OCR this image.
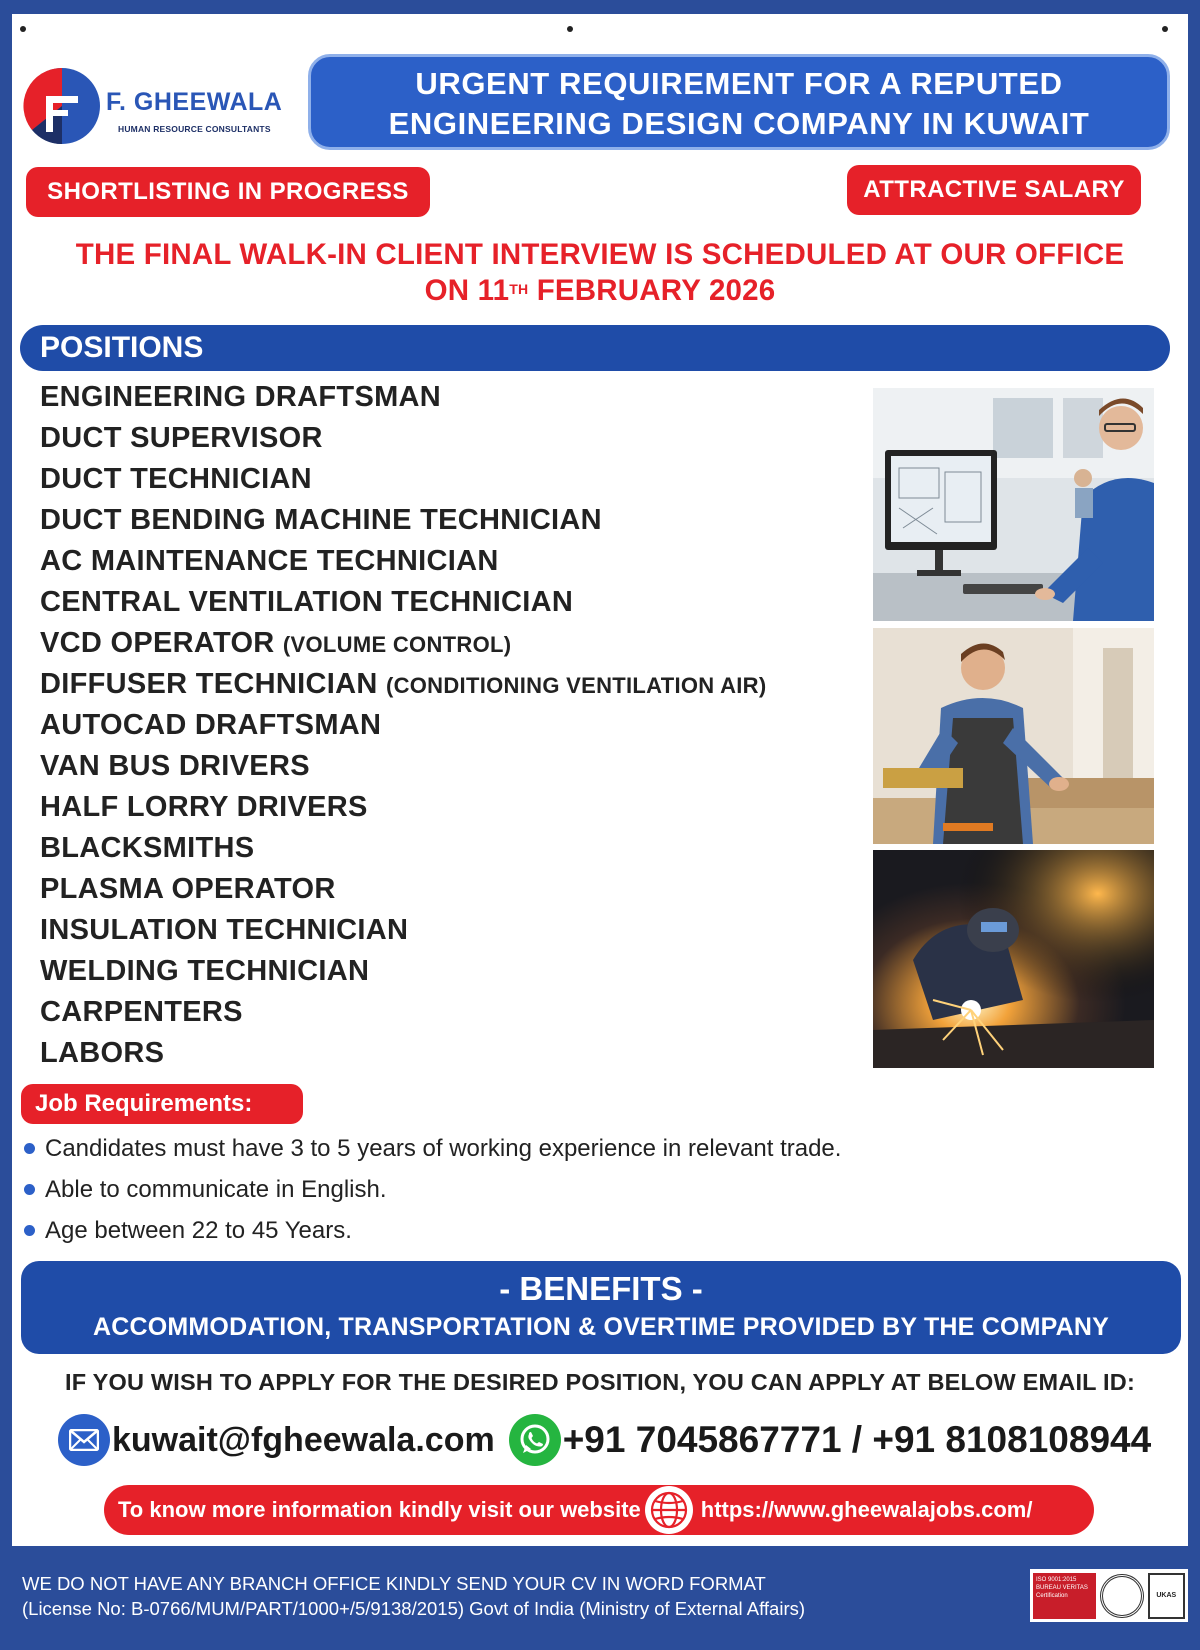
F. GHEEWALA
HUMAN RESOURCE CONSULTANTS
URGENT REQUIREMENT FOR A REPUTED
ENGINEERING DESIGN COMPANY IN KUWAIT
SHORTLISTING IN PROGRESS	ATTRACTIVE SALARY
THE FINAL WALK-IN CLIENT INTERVIEW IS SCHEDULED AT OUR OFFICE
ON 11TH FEBRUARY 2026
POSITIONS
ENGINEERING DRAFTSMAN
DUCT SUPERVISOR
DUCT TECHNICIAN
DUCT BENDING MACHINE TECHNICIAN
AC MAINTENANCE TECHNICIAN
CENTRAL VENTILATION TECHNICIAN
VCD OPERATOR (VOLUME CONTROL)
DIFFUSER TECHNICIAN (CONDITIONING VENTILATION AIR)
AUTOCAD DRAFTSMAN
VAN BUS DRIVERS
HALF LORRY DRIVERS
BLACKSMITHS
PLASMA OPERATOR
INSULATION TECHNICIAN
WELDING TECHNICIAN
CARPENTERS
LABORS
Job Requirements:
Candidates must have 3 to 5 years of working experience in relevant trade.
Able to communicate in English.
Age between 22 to 45 Years.
- BENEFITS -
ACCOMMODATION, TRANSPORTATION & OVERTIME PROVIDED BY THE COMPANY
IF YOU WISH TO APPLY FOR THE DESIRED POSITION, YOU CAN APPLY AT BELOW EMAIL ID:
kuwait@fgheewala.com +91 7045867771 / +91 8108108944
To know more information kindly visit our website	https://www.gheewalajobs.com/
WE DO NOT HAVE ANY BRANCH OFFICE KINDLY SEND YOUR CV IN WORD FORMAT
(License No: B-0766/MUM/PART/1000+/5/9138/2015) Govt of India (Ministry of External Affairs)
ISO 9001:2015 BUREAU VERITAS Certification	UKAS
